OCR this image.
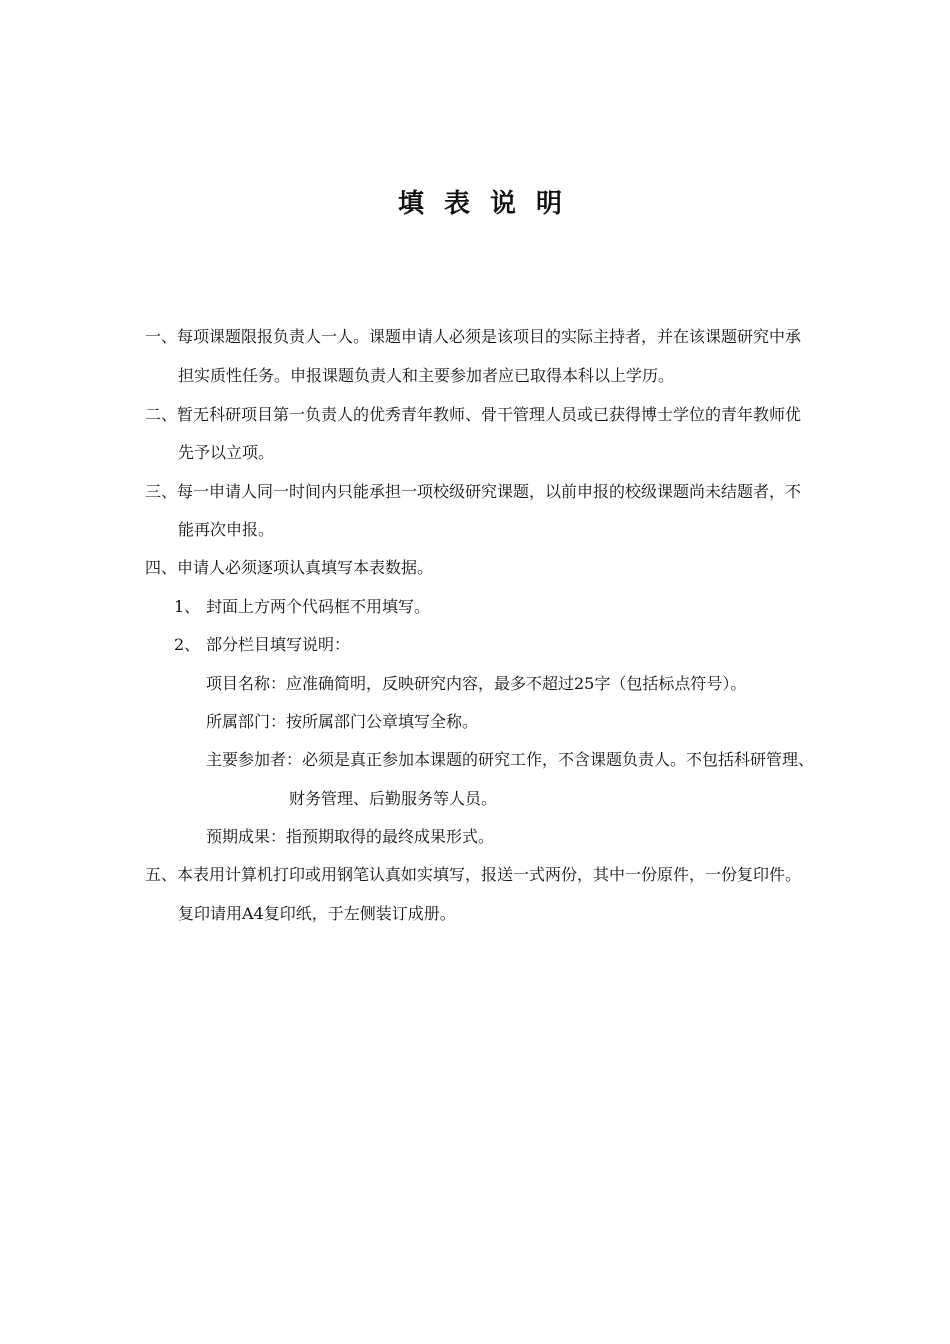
填表说明
一、每项课题限报负责人一人。课题申请人必须是该项目的实际主持者，并在该课题研究中承
担实质性任务。申报课题负责人和主要参加者应已取得本科以上学历。
二、暂无科研项目第一负责人的优秀青年教师、骨干管理人员或已获得博士学位的青年教师优
先予以立项。
三、每一申请人同一时间内只能承担一项校级研究课题，以前申报的校级课题尚未结题者，不
能再次申报。
四、申请人必须逐项认真填写本表数据。
1、 封面上方两个代码框不用填写。
2、 部分栏目填写说明：
项目名称：应准确简明，反映研究内容，最多不超过25字（包括标点符号）。
所属部门：按所属部门公章填写全称。
主要参加者：必须是真正参加本课题的研究工作，不含课题负责人。不包括科研管理、
财务管理、后勤服务等人员。
预期成果：指预期取得的最终成果形式。
五、本表用计算机打印或用钢笔认真如实填写，报送一式两份，其中一份原件，一份复印件。
复印请用A4复印纸，于左侧装订成册。
